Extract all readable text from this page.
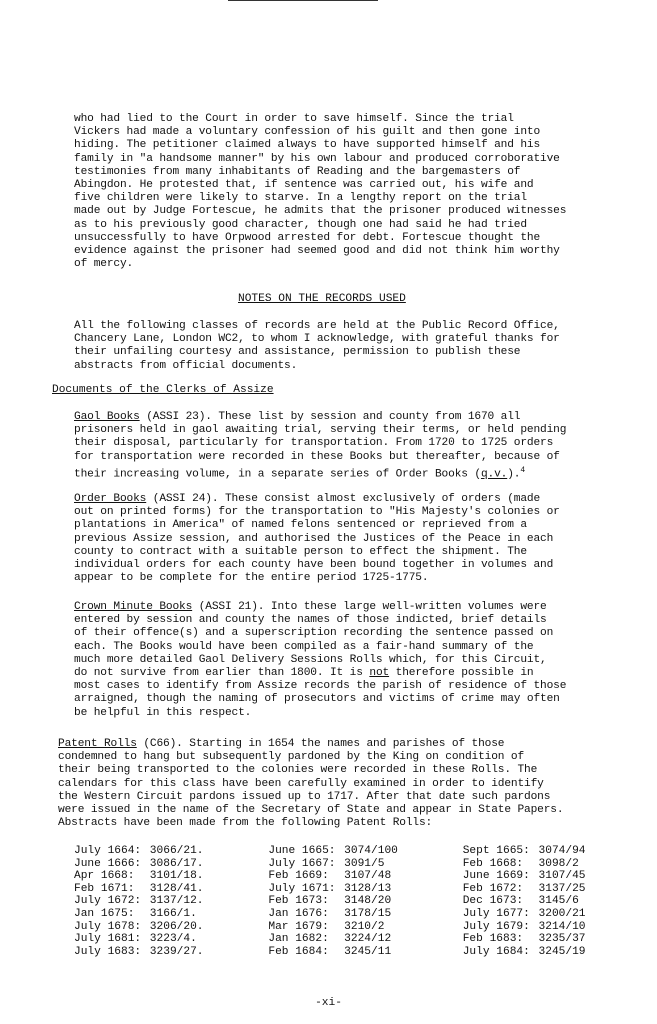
who had lied to the Court in order to save himself. Since the trial
Vickers had made a voluntary confession of his guilt and then gone into
hiding. The petitioner claimed always to have supported himself and his
family in "a handsome manner" by his own labour and produced corroborative
testimonies from many inhabitants of Reading and the bargemasters of
Abingdon. He protested that, if sentence was carried out, his wife and
five children were likely to starve. In a lengthy report on the trial
made out by Judge Fortescue, he admits that the prisoner produced witnesses
as to his previously good character, though one had said he had tried
unsuccessfully to have Orpwood arrested for debt. Fortescue thought the
evidence against the prisoner had seemed good and did not think him worthy
of mercy.

NOTES ON THE RECORDS USED

All the following classes of records are held at the Public Record Office,
Chancery Lane, London WC2, to whom I acknowledge, with grateful thanks for
their unfailing courtesy and assistance, permission to publish these
abstracts from official documents.

Documents of the Clerks of Assize

Gaol Books (ASSI 23). These list by session and county from 1670 all
prisoners held in gaol awaiting trial, serving their terms, or held pending
their disposal, particularly for transportation. From 1720 to 1725 orders
for transportation were recorded in these Books but thereafter, because of
their increasing volume, in a separate series of Order Books (q.v.).$^4$

Order Books (ASSI 24). These consist almost exclusively of orders (made
out on printed forms) for the transportation to "His Majesty's colonies or
plantations in America" of named felons sentenced or reprieved from a
previous Assize session, and authorised the Justices of the Peace in each
county to contract with a suitable person to effect the shipment. The
individual orders for each county have been bound together in volumes and
appear to be complete for the entire period 1725-1775.

Crown Minute Books (ASSI 21). Into these large well-written volumes were
entered by session and county the names of those indicted, brief details
of their offence(s) and a superscription recording the sentence passed on
each. The Books would have been compiled as a fair-hand summary of the
much more detailed Gaol Delivery Sessions Rolls which, for this Circuit,
do not survive from earlier than 1800. It is not therefore possible in
most cases to identify from Assize records the parish of residence of those
arraigned, though the naming of prosecutors and victims of crime may often
be helpful in this respect.

Patent Rolls (C66). Starting in 1654 the names and parishes of those
condemned to hang but subsequently pardoned by the King on condition of
their being transported to the colonies were recorded in these Rolls. The
calendars for this class have been carefully examined in order to identify
the Western Circuit pardons issued up to 1717. After that date such pardons
were issued in the name of the Secretary of State and appear in State Papers.
Abstracts have been made from the following Patent Rolls:

July 1664:	3066/21.	June 1665:	3074/100	Sept 1665:	3074/94
June 1666:	3086/17.	July 1667:	3091/5	Feb 1668:	3098/2
Apr 1668:	3101/18.	Feb 1669:	3107/48	June 1669:	3107/45
Feb 1671:	3128/41.	July 1671:	3128/13	Feb 1672:	3137/25
July 1672:	3137/12.	Feb 1673:	3148/20	Dec 1673:	3145/6
Jan 1675:	3166/1.	Jan 1676:	3178/15	July 1677:	3200/21
July 1678:	3206/20.	Mar 1679:	3210/2	July 1679:	3214/10
July 1681:	3223/4.	Jan 1682:	3224/12	Feb 1683:	3235/37
July 1683:	3239/27.	Feb 1684:	3245/11	July 1684:	3245/19
-xi-
